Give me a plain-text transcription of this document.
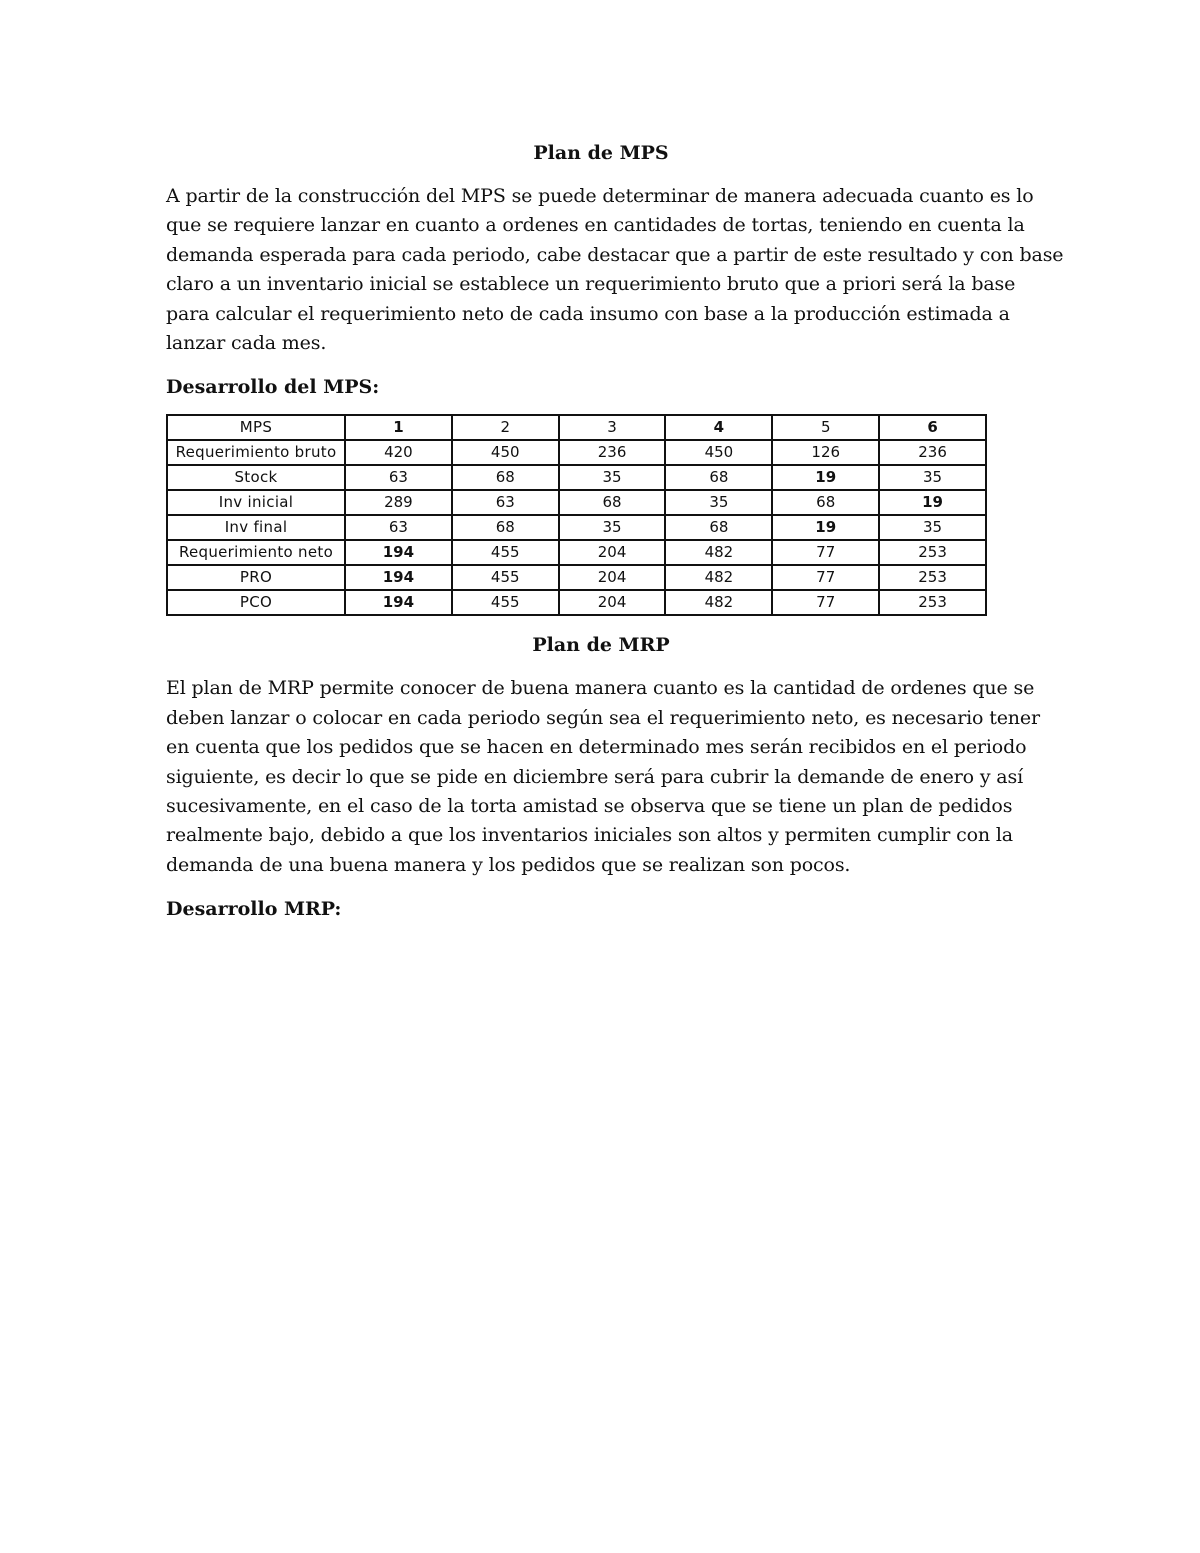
Plan de MPS

A partir de la construcción del MPS se puede determinar de manera adecuada cuanto es lo
que se requiere lanzar en cuanto a ordenes en cantidades de tortas, teniendo en cuenta la
demanda esperada para cada periodo, cabe destacar que a partir de este resultado y con base
claro a un inventario inicial se establece un requerimiento bruto que a priori será la base
para calcular el requerimiento neto de cada insumo con base a la producción estimada a
lanzar cada mes.

Desarrollo del MPS:
MPS	1	2	3	4	5	6
Requerimiento bruto	420	450	236	450	126	236
Stock	63	68	35	68	19	35
Inv inicial	289	63	68	35	68	19
Inv final	63	68	35	68	19	35
Requerimiento neto	194	455	204	482	77	253
PRO	194	455	204	482	77	253
PCO	194	455	204	482	77	253
Plan de MRP

El plan de MRP permite conocer de buena manera cuanto es la cantidad de ordenes que se
deben lanzar o colocar en cada periodo según sea el requerimiento neto, es necesario tener
en cuenta que los pedidos que se hacen en determinado mes serán recibidos en el periodo
siguiente, es decir lo que se pide en diciembre será para cubrir la demande de enero y así
sucesivamente, en el caso de la torta amistad se observa que se tiene un plan de pedidos
realmente bajo, debido a que los inventarios iniciales son altos y permiten cumplir con la
demanda de una buena manera y los pedidos que se realizan son pocos.

Desarrollo MRP:
